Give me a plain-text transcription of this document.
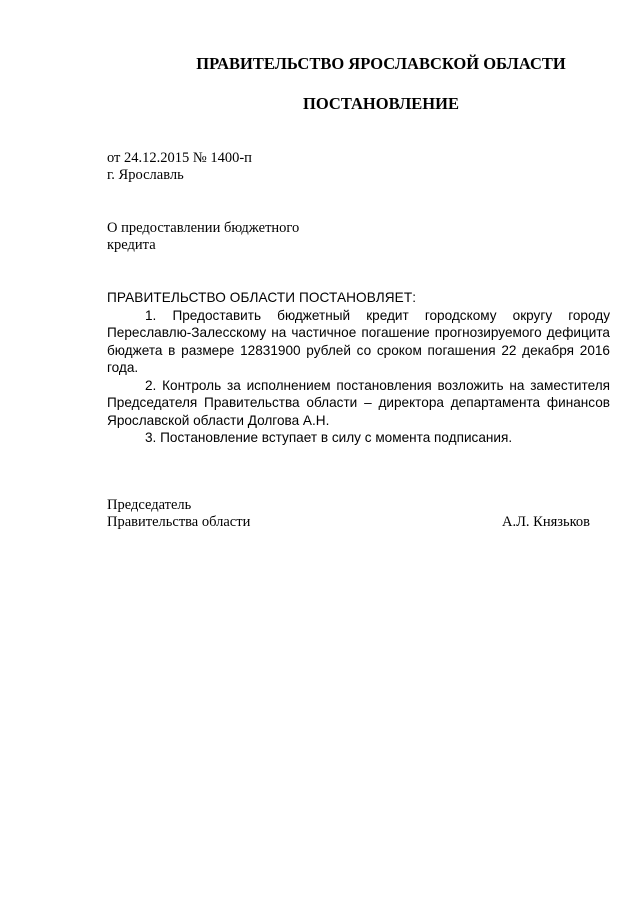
ПРАВИТЕЛЬСТВО ЯРОСЛАВСКОЙ ОБЛАСТИ
ПОСТАНОВЛЕНИЕ
от 24.12.2015 № 1400-п
г. Ярославль
О предоставлении бюджетного
кредита
ПРАВИТЕЛЬСТВО ОБЛАСТИ ПОСТАНОВЛЯЕТ:

1. Предоставить бюджетный кредит городскому округу городу Переславлю-Залесскому на частичное погашение прогнозируемого дефицита бюджета в размере 12831900 рублей со сроком погашения 22 декабря 2016 года.

2. Контроль за исполнением постановления возложить на заместителя Председателя Правительства области – директора департамента финансов Ярославской области Долгова А.Н.

3. Постановление вступает в силу с момента подписания.

Председатель
Правительства области	А.Л. Князьков
